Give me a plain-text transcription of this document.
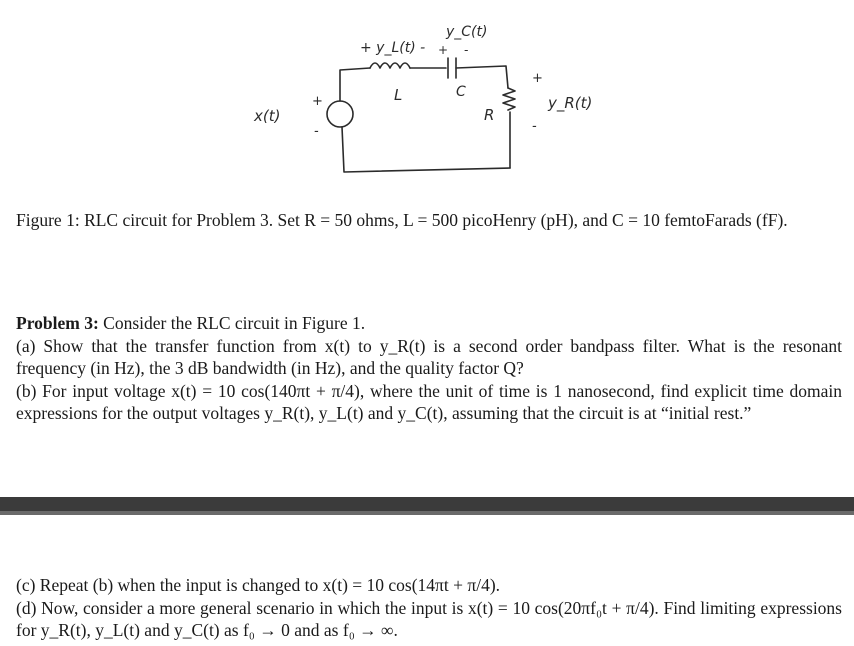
x(t)
+
-
+ y_L(t) -
y_C(t)
+ -
L	C
R
y_R(t)
+
-
Figure 1: RLC circuit for Problem 3. Set R = 50 ohms, L = 500 picoHenry (pH), and C = 10 femtoFarads (fF).

Problem 3: Consider the RLC circuit in Figure 1.

(a) Show that the transfer function from x(t) to y_R(t) is a second order bandpass filter. What is the resonant frequency (in Hz), the 3 dB bandwidth (in Hz), and the quality factor Q?

(b) For input voltage x(t) = 10 cos(140πt + π/4), where the unit of time is 1 nanosecond, find explicit time domain expressions for the output voltages y_R(t), y_L(t) and y_C(t), assuming that the circuit is at “initial rest.”

(c) Repeat (b) when the input is changed to x(t) = 10 cos(14πt + π/4).

(d) Now, consider a more general scenario in which the input is x(t) = 10 cos(20πf₀t + π/4). Find limiting expressions for y_R(t), y_L(t) and y_C(t) as f₀ → 0 and as f₀ → ∞.
